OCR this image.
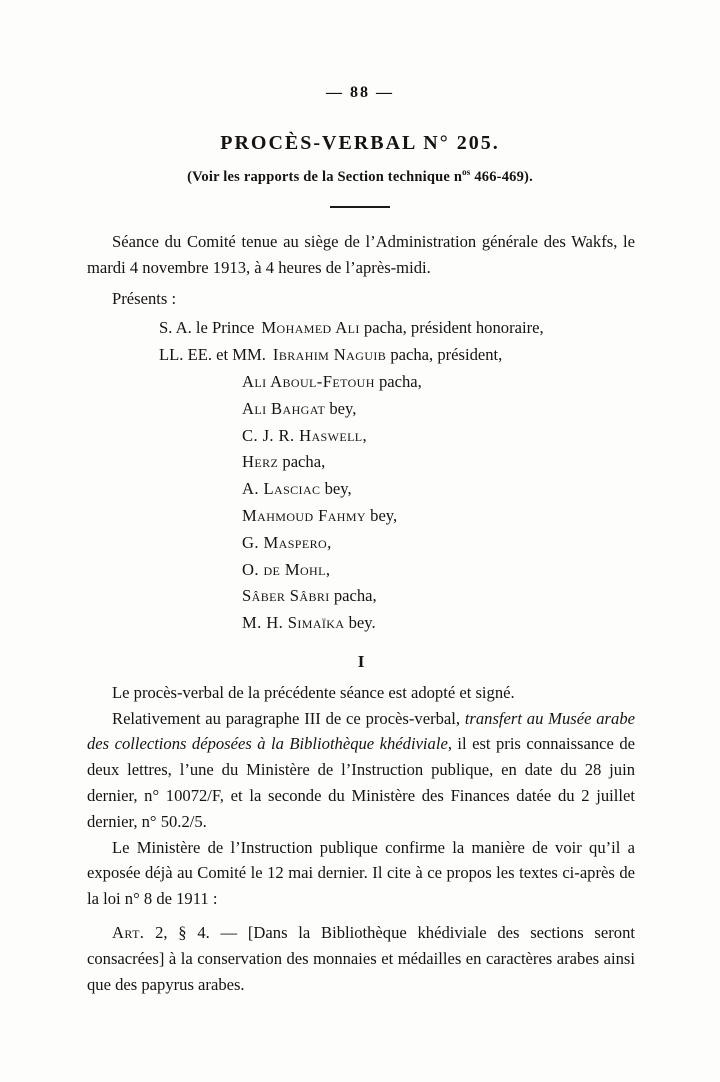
— 88 —
PROCÈS-VERBAL N° 205.
(Voir les rapports de la Section technique $n^{os}$ 466-469).

Séance du Comité tenue au siège de l’Administration générale des Wakfs, le mardi 4 novembre 1913, à 4 heures de l’après-midi.

Présents :

S. A. le Prince Mohamed Ali pacha, président honoraire,
LL. EE. et MM. Ibrahim Naguib pacha, président,
Ali Aboul-Fetouh pacha,
Ali Bahgat bey,
C. J. R. Haswell,
Herz pacha,
A. Lasciac bey,
Mahmoud Fahmy bey,
G. Maspero,
O. de Mohl,
Sâber Sâbri pacha,
M. H. Simaïka bey.

I

Le procès-verbal de la précédente séance est adopté et signé.

Relativement au paragraphe III de ce procès-verbal, transfert au Musée arabe des collections déposées à la Bibliothèque khédiviale, il est pris connaissance de deux lettres, l’une du Ministère de l’Instruction publique, en date du 28 juin dernier, n° 10072/F, et la seconde du Ministère des Finances datée du 2 juillet dernier, n° 50.2/5.

Le Ministère de l’Instruction publique confirme la manière de voir qu’il a exposée déjà au Comité le 12 mai dernier. Il cite à ce propos les textes ci-après de la loi n° 8 de 1911 :

Art. 2, § 4. — [Dans la Bibliothèque khédiviale des sections seront consacrées] à la conservation des monnaies et médailles en caractères arabes ainsi que des papyrus arabes.
